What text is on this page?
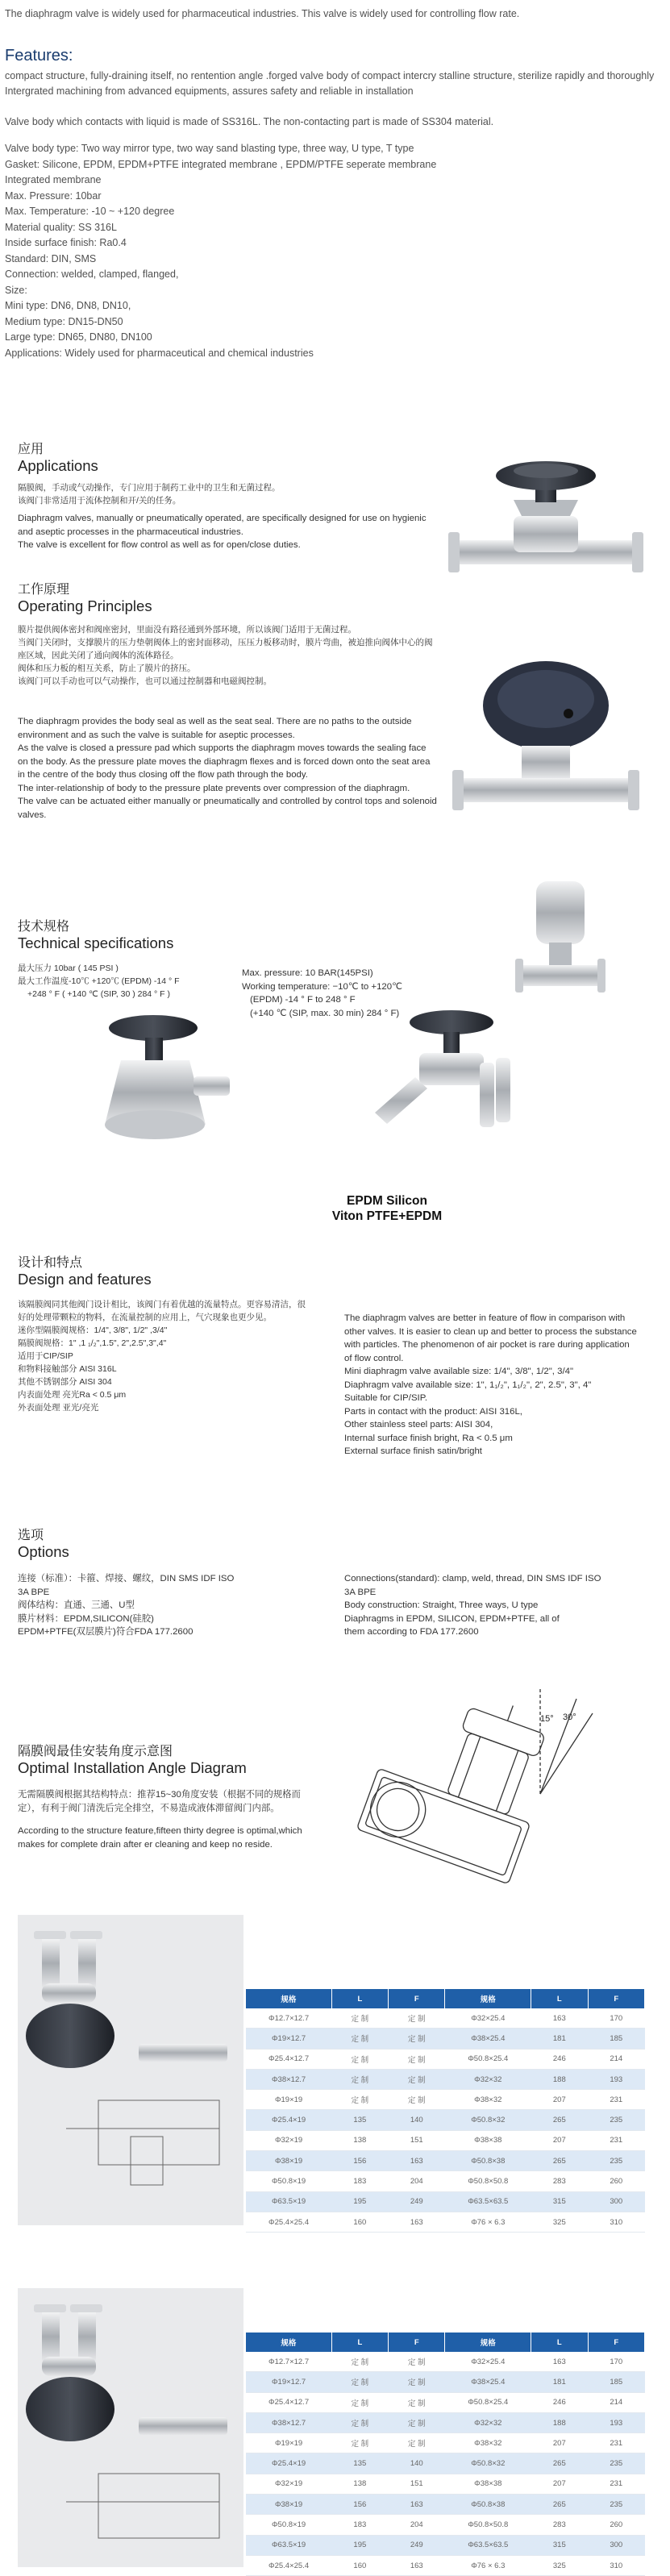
The diaphragm valve is widely used for pharmaceutical industries. This valve is widely used for controlling flow rate.

Features:

compact structure, fully-draining itself, no rentention angle .forged valve body of compact intercry stalline structure, sterilize rapidly and thoroughly Intergrated machining from advanced equipments, assures safety and reliable in installation

Valve body which contacts with liquid is made of SS316L. The non-contacting part is made of SS304 material.

Valve body type: Two way mirror type, two way sand blasting type, three way, U type, T type

Gasket: Silicone, EPDM, EPDM+PTFE integrated membrane , EPDM/PTFE seperate membrane

Integrated membrane

Max. Pressure: 10bar

Max. Temperature: -10 ~ +120 degree

Material quality: SS 316L

Inside surface finish: Ra0.4

Standard: DIN, SMS

Connection: welded, clamped, flanged,

Size:

Mini type: DN6, DN8, DN10,

Medium type: DN15-DN50

Large type: DN65, DN80, DN100

Applications: Widely used for pharmaceutical and chemical industries

应用
Applications

隔膜阀，手动或气动操作，专门应用于制药工业中的卫生和无菌过程。

该阀门非常适用于流体控制和开/关的任务。

Diaphragm valves, manually or pneumatically operated, are specifically designed for use on hygienic and aseptic processes in the pharmaceutical industries.

The valve is excellent for flow control as well as for open/close duties.

工作原理
Operating Principles

膜片提供阀体密封和阀座密封，里面没有路径通到外部环境，所以该阀门适用于无菌过程。

当阀门关闭时，支撑膜片的压力垫朝阀体上的密封面移动，压压力板移动时，膜片弯曲，被迫推向阀体中心的阀座区域，因此关闭了通向阀体的流体路径。

阀体和压力板的相互关系，防止了膜片的挤压。

该阀门可以手动也可以气动操作，也可以通过控制器和电磁阀控制。

The diaphragm provides the body seal as well as the seat seal. There are no paths to the outside environment and as such the valve is suitable for aseptic processes.

As the valve is closed a pressure pad which supports the diaphragm moves towards the sealing face on the body. As the pressure plate moves the diaphragm flexes and is forced down onto the seat area in the centre of the body thus closing off the flow path through the body.

The inter-relationship of body to the pressure plate prevents over compression of the diaphragm.

The valve can be actuated either manually or pneumatically and controlled by control tops and solenoid valves.

技术规格
Technical specifications

最大压力 10bar ( 145 PSI )

最大工作温度-10℃ +120℃ (EPDM) -14 ° F

+248 ° F ( +140 ℃ (SIP, 30 ) 284 ° F )

Max. pressure: 10 BAR(145PSI)

Working temperature: −10℃ to +120℃

(EPDM) -14 ° F to 248 ° F

(+140 ℃ (SIP, max. 30 min) 284 ° F)

EPDM Silicon
Viton PTFE+EPDM
设计和特点
Design and features

该隔膜阀同其他阀门设计相比，该阀门有着优越的流量特点。更容易清洁，很好的处理带颗粒的物料，在流量控制的应用上，气穴现象也更少见。

迷你型隔膜阀规格：1/4", 3/8", 1/2" ,3/4"

隔膜阀规格：1" ,1 ₁/₂",1.5", 2",2.5",3",4"

适用于CIP/SIP

和物料接触部分 AISI 316L

其他不锈钢部分 AISI 304

内表面处理 亮光Ra < 0.5 μm

外表面处理 亚光/亮光

The diaphragm valves are better in feature of flow in comparison with other valves. It is easier to clean up and better to process the substance with particles. The phenomenon of air pocket is rare during application of flow control.

Mini diaphragm valve available size: 1/4", 3/8", 1/2", 3/4"

Diaphragm valve available size: 1", 1₁/₂", 1₁/₂", 2", 2.5", 3", 4"

Suitable for CIP/SIP.

Parts in contact with the product: AISI 316L,

Other stainless steel parts: AISI 304,

Internal surface finish bright, Ra < 0.5 μm

External surface finish satin/bright

选项
Options

连接（标准）：卡箍、焊接、螺纹，DIN SMS IDF ISO

3A BPE

阀体结构：直通、三通、U型

膜片材料：EPDM,SILICON(硅胶)

EPDM+PTFE(双层膜片)符合FDA 177.2600

Connections(standard): clamp, weld, thread, DIN SMS IDF ISO

3A BPE

Body construction: Straight, Three ways, U type

Diaphragms in EPDM, SILICON, EPDM+PTFE, all of

them according to FDA 177.2600

隔膜阀最佳安装角度示意图
Optimal Installation Angle Diagram

无需隔膜阀根据其结构特点：推荐15~30角度安装（根据不同的规格而定），有利于阀门清洗后完全排空，不易造成液体滞留阀门内部。

According to the structure feature,fifteen thirty degree is optimal,which makes for complete drain after er cleaning and keep no reside.

15° 30°
规格	L	F	规格	L	F
Φ12.7×12.7	定 制	定 制	Φ32×25.4	163	170
Φ19×12.7	定 制	定 制	Φ38×25.4	181	185
Φ25.4×12.7	定 制	定 制	Φ50.8×25.4	246	214
Φ38×12.7	定 制	定 制	Φ32×32	188	193
Φ19×19	定 制	定 制	Φ38×32	207	231
Φ25.4×19	135	140	Φ50.8×32	265	235
Φ32×19	138	151	Φ38×38	207	231
Φ38×19	156	163	Φ50.8×38	265	235
Φ50.8×19	183	204	Φ50.8×50.8	283	260
Φ63.5×19	195	249	Φ63.5×63.5	315	300
Φ25.4×25.4	160	163	Φ76 × 6.3	325	310
规格	L	F	规格	L	F
Φ12.7×12.7	定 制	定 制	Φ32×25.4	163	170
Φ19×12.7	定 制	定 制	Φ38×25.4	181	185
Φ25.4×12.7	定 制	定 制	Φ50.8×25.4	246	214
Φ38×12.7	定 制	定 制	Φ32×32	188	193
Φ19×19	定 制	定 制	Φ38×32	207	231
Φ25.4×19	135	140	Φ50.8×32	265	235
Φ32×19	138	151	Φ38×38	207	231
Φ38×19	156	163	Φ50.8×38	265	235
Φ50.8×19	183	204	Φ50.8×50.8	283	260
Φ63.5×19	195	249	Φ63.5×63.5	315	300
Φ25.4×25.4	160	163	Φ76 × 6.3	325	310
